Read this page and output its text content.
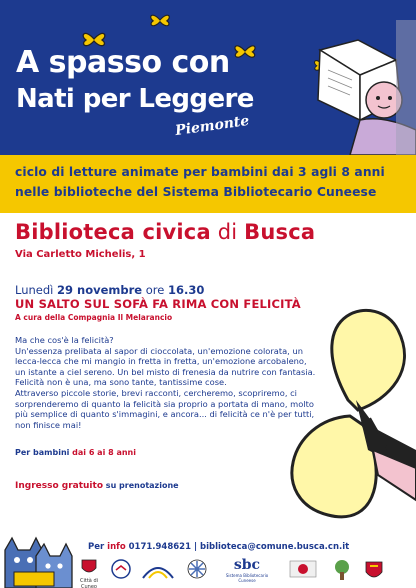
A spasso con
Nati per Leggere
Piemonte
ciclo di letture animate per bambini dai 3 agli 8 anni
nelle biblioteche del Sistema Bibliotecario Cuneese
Biblioteca civica di Busca
Via Carletto Michelis, 1
Lunedì 29 novembre ore 16.30
UN SALTO SUL SOFÀ FA RIMA CON FELICITÀ
A cura della Compagnia Il Melarancio
Ma che cos'è la felicità?
Un'essenza prelibata al sapor di cioccolata, un'emozione colorata, un
lecca-lecca che mi mangio in fretta in fretta, un'emozione arcobaleno,
un istante a ciel sereno. Un bel misto di frenesia da nutrire con fantasia.
Felicità non è una, ma sono tante, tantissime cose.
Attraverso piccole storie, brevi racconti, cercheremo, scopriremo, ci
sorprenderemo di quanto la felicità sia proprio a portata di mano, molto
più semplice di quanto s'immagini, e ancora... di felicità ce n'è per tutti,
non finisce mai!
Per bambini dai 6 ai 8 anni
Ingresso gratuito su prenotazione
Per info 0171.948621 | biblioteca@comune.busca.cn.it
Città di Cuneo
sbc
Sistema Bibliotecario Cuneese
